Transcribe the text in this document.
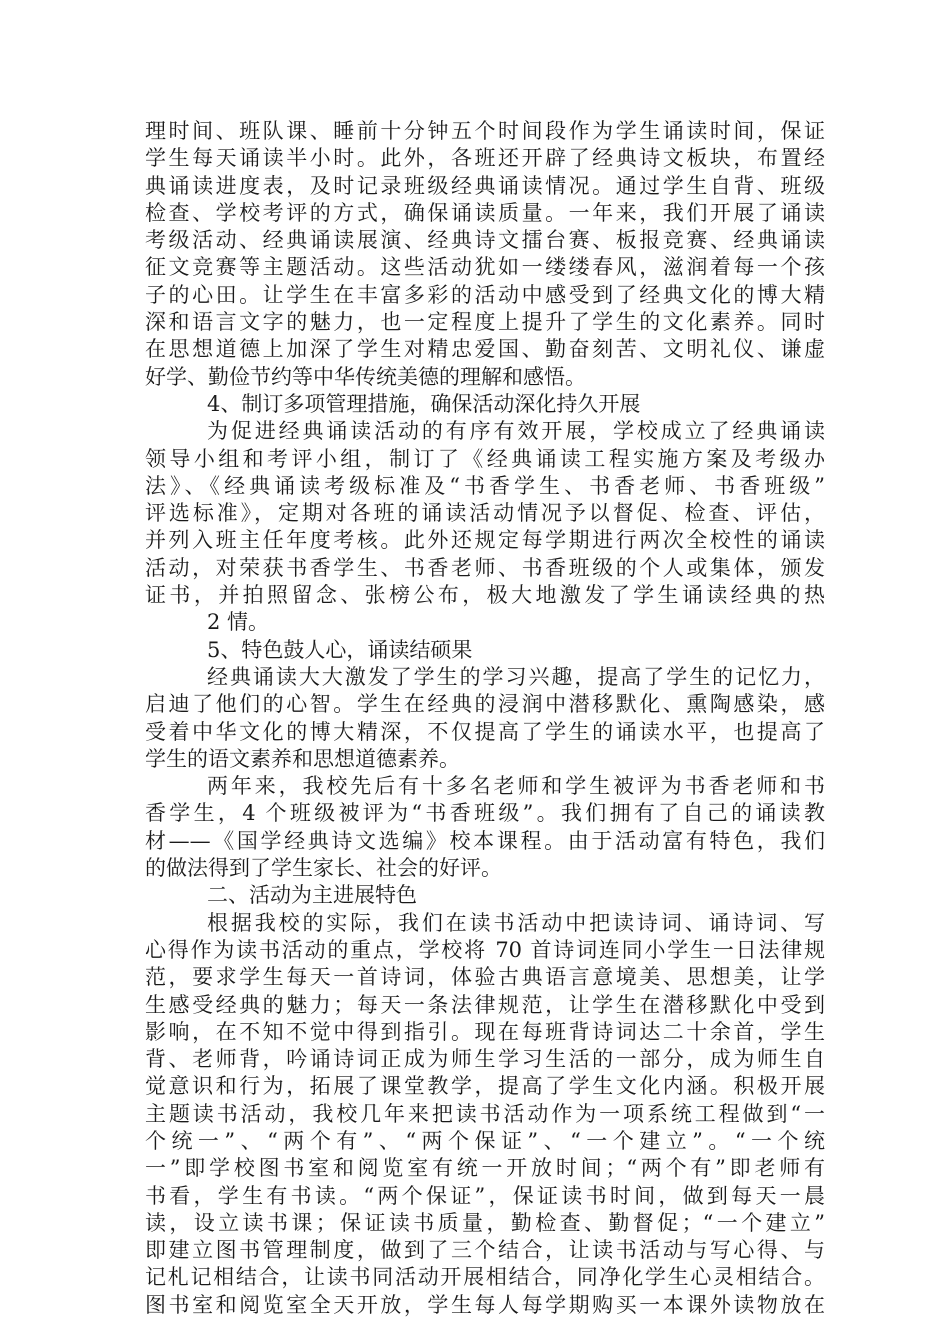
理时间、班队课、睡前十分钟五个时间段作为学生诵读时间，保证
学生每天诵读半小时。此外，各班还开辟了经典诗文板块，布置经
典诵读进度表，及时记录班级经典诵读情况。通过学生自背、班级
检查、学校考评的方式，确保诵读质量。一年来，我们开展了诵读
考级活动、经典诵读展演、经典诗文擂台赛、板报竞赛、经典诵读
征文竞赛等主题活动。这些活动犹如一缕缕春风，滋润着每一个孩
子的心田。让学生在丰富多彩的活动中感受到了经典文化的博大精
深和语言文字的魅力，也一定程度上提升了学生的文化素养。同时
在思想道德上加深了学生对精忠爱国、勤奋刻苦、文明礼仪、谦虚
好学、勤俭节约等中华传统美德的理解和感悟。
4、制订多项管理措施，确保活动深化持久开展
为促进经典诵读活动的有序有效开展，学校成立了经典诵读
领导小组和考评小组，制订了《经典诵读工程实施方案及考级办
法》、《经典诵读考级标准及“书香学生、书香老师、书香班级”
评选标准》，定期对各班的诵读活动情况予以督促、检查、评估，
并列入班主任年度考核。此外还规定每学期进行两次全校性的诵读
活动，对荣获书香学生、书香老师、书香班级的个人或集体，颁发
证书，并拍照留念、张榜公布，极大地激发了学生诵读经典的热
2 情。
5、特色鼓人心，诵读结硕果
经典诵读大大激发了学生的学习兴趣，提高了学生的记忆力，
启迪了他们的心智。学生在经典的浸润中潜移默化、熏陶感染，感
受着中华文化的博大精深，不仅提高了学生的诵读水平，也提高了
学生的语文素养和思想道德素养。
两年来，我校先后有十多名老师和学生被评为书香老师和书
香学生，4 个班级被评为“书香班级”。我们拥有了自己的诵读教
材——《国学经典诗文选编》校本课程。由于活动富有特色，我们
的做法得到了学生家长、社会的好评。
二、活动为主进展特色
根据我校的实际，我们在读书活动中把读诗词、诵诗词、写
心得作为读书活动的重点，学校将 70 首诗词连同小学生一日法律规
范，要求学生每天一首诗词，体验古典语言意境美、思想美，让学
生感受经典的魅力；每天一条法律规范，让学生在潜移默化中受到
影响，在不知不觉中得到指引。现在每班背诗词达二十余首，学生
背、老师背，吟诵诗词正成为师生学习生活的一部分，成为师生自
觉意识和行为，拓展了课堂教学，提高了学生文化内涵。积极开展
主题读书活动，我校几年来把读书活动作为一项系统工程做到“一
个统一”、“两个有”、“两个保证”、“一个建立”。“一个统
一”即学校图书室和阅览室有统一开放时间；“两个有”即老师有
书看，学生有书读。“两个保证”，保证读书时间，做到每天一晨
读，设立读书课；保证读书质量，勤检查、勤督促；“一个建立”
即建立图书管理制度，做到了三个结合，让读书活动与写心得、与
记札记相结合，让读书同活动开展相结合，同净化学生心灵相结合。
图书室和阅览室全天开放，学生每人每学期购买一本课外读物放在
